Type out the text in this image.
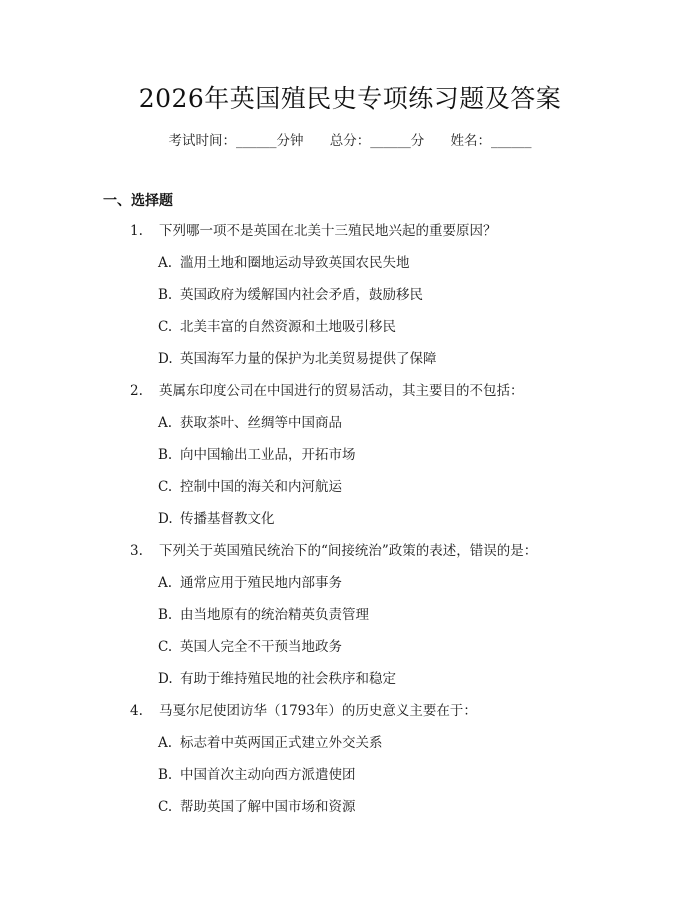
2026年英国殖民史专项练习题及答案
考试时间：______分钟 总分：______分 姓名：______
一、选择题
1. 下列哪一项不是英国在北美十三殖民地兴起的重要原因？
A. 滥用土地和圈地运动导致英国农民失地
B. 英国政府为缓解国内社会矛盾，鼓励移民
C. 北美丰富的自然资源和土地吸引移民
D. 英国海军力量的保护为北美贸易提供了保障
2. 英属东印度公司在中国进行的贸易活动，其主要目的不包括：
A. 获取茶叶、丝绸等中国商品
B. 向中国输出工业品，开拓市场
C. 控制中国的海关和内河航运
D. 传播基督教文化
3. 下列关于英国殖民统治下的“间接统治”政策的表述，错误的是：
A. 通常应用于殖民地内部事务
B. 由当地原有的统治精英负责管理
C. 英国人完全不干预当地政务
D. 有助于维持殖民地的社会秩序和稳定
4. 马戛尔尼使团访华（1793年）的历史意义主要在于：
A. 标志着中英两国正式建立外交关系
B. 中国首次主动向西方派遣使团
C. 帮助英国了解中国市场和资源
